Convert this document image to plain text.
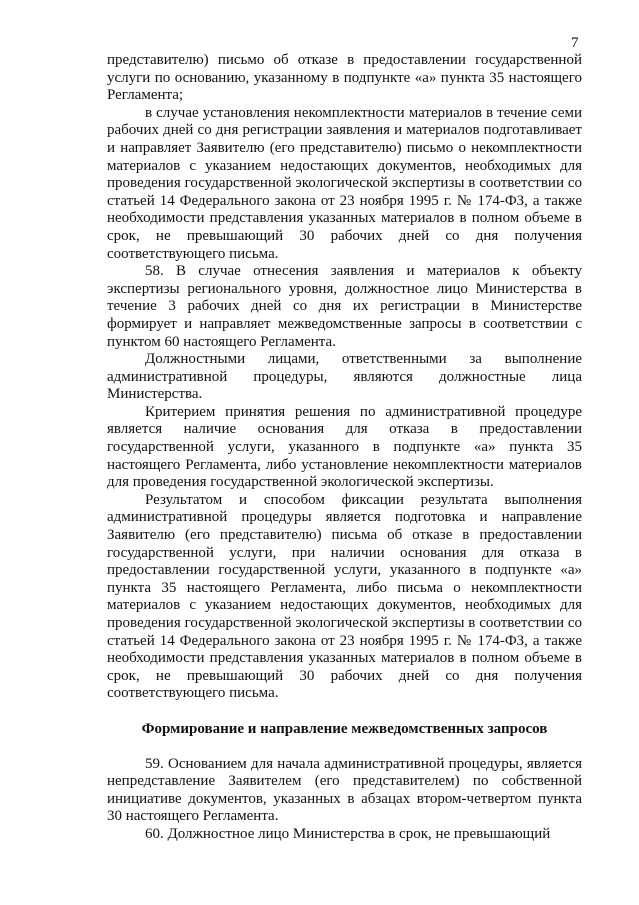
7

представителю) письмо об отказе в предоставлении государственной услуги по основанию, указанному в подпункте «а» пункта 35 настоящего Регламента;

в случае установления некомплектности материалов в течение семи рабочих дней со дня регистрации заявления и материалов подготавливает и направляет Заявителю (его представителю) письмо о некомплектности материалов с указанием недостающих документов, необходимых для проведения государственной экологической экспертизы в соответствии со статьей 14 Федерального закона от 23 ноября 1995 г. № 174-ФЗ, а также необходимости представления указанных материалов в полном объеме в срок, не превышающий 30 рабочих дней со дня получения соответствующего письма.

58. В случае отнесения заявления и материалов к объекту экспертизы регионального уровня, должностное лицо Министерства в течение 3 рабочих дней со дня их регистрации в Министерстве формирует и направляет межведомственные запросы в соответствии с пунктом 60 настоящего Регламента.

Должностными лицами, ответственными за выполнение административной процедуры, являются должностные лица Министерства.

Критерием принятия решения по административной процедуре является наличие основания для отказа в предоставлении государственной услуги, указанного в подпункте «а» пункта 35 настоящего Регламента, либо установление некомплектности материалов для проведения государственной экологической экспертизы.

Результатом и способом фиксации результата выполнения административной процедуры является подготовка и направление Заявителю (его представителю) письма об отказе в предоставлении государственной услуги, при наличии основания для отказа в предоставлении государственной услуги, указанного в подпункте «а» пункта 35 настоящего Регламента, либо письма о некомплектности материалов с указанием недостающих документов, необходимых для проведения государственной экологической экспертизы в соответствии со статьей 14 Федерального закона от 23 ноября 1995 г. № 174-ФЗ, а также необходимости представления указанных материалов в полном объеме в срок, не превышающий 30 рабочих дней со дня получения соответствующего письма.

Формирование и направление межведомственных запросов

59. Основанием для начала административной процедуры, является непредставление Заявителем (его представителем) по собственной инициативе документов, указанных в абзацах втором-четвертом пункта 30 настоящего Регламента.

60. Должностное лицо Министерства в срок, не превышающий
